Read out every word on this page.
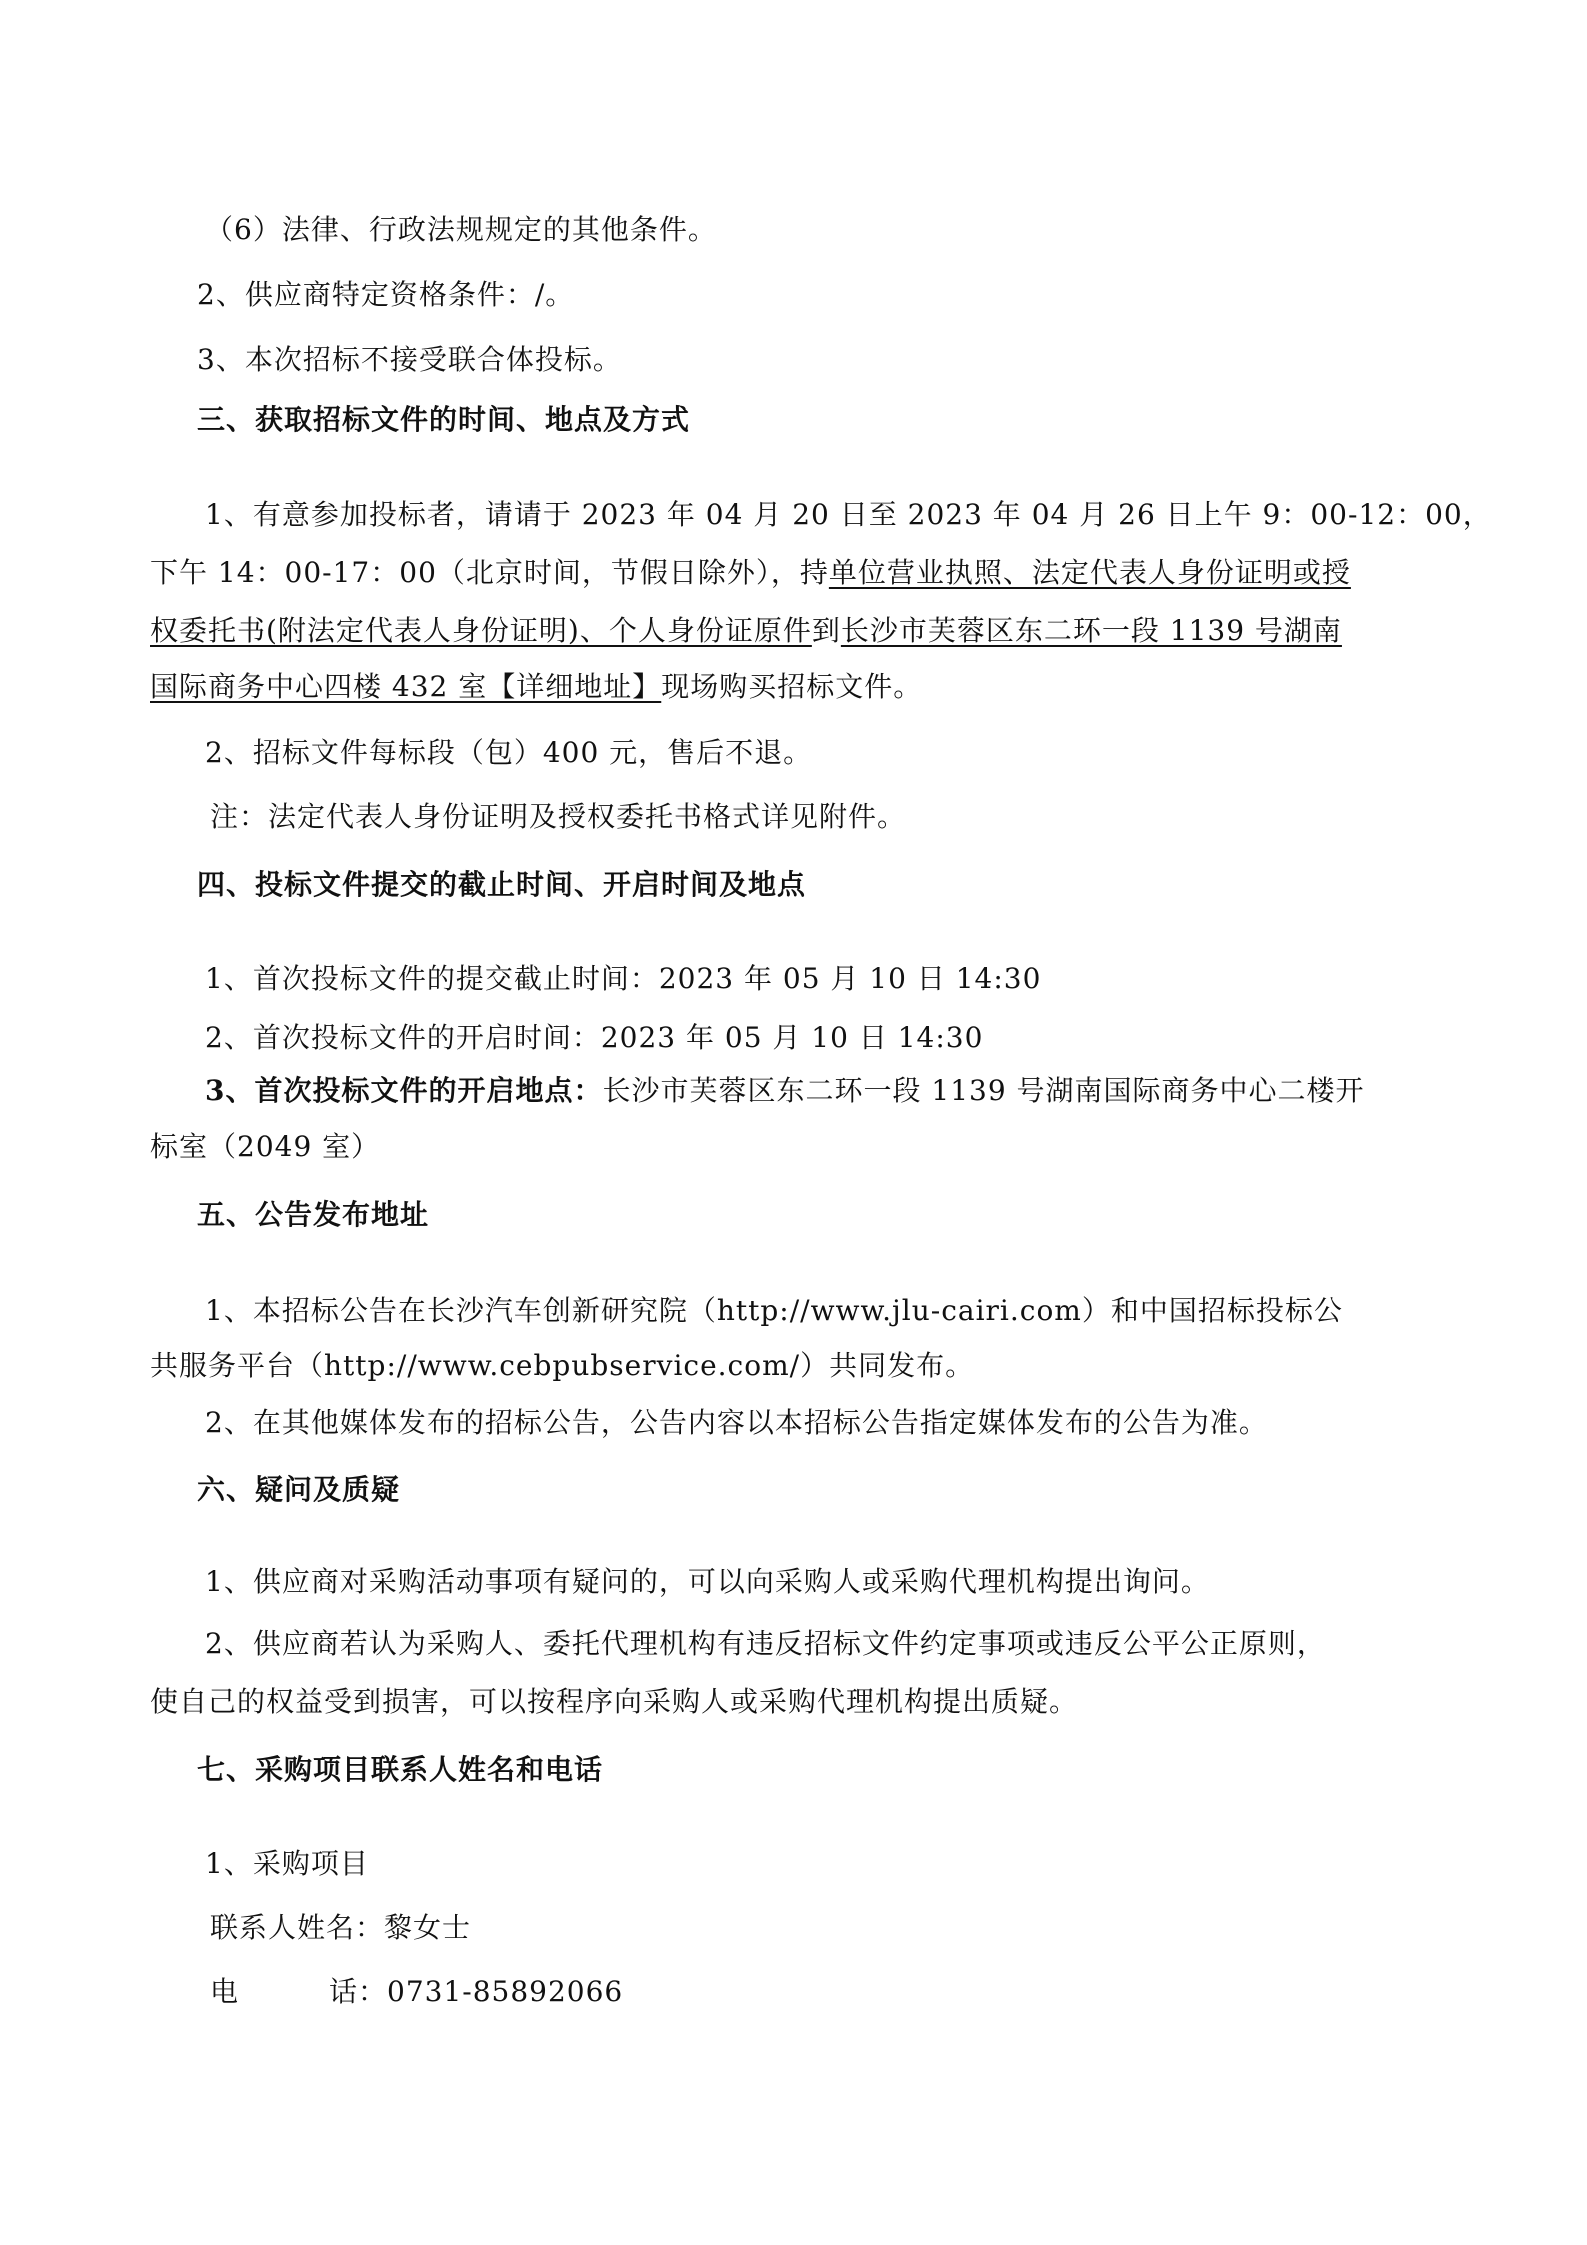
（6）法律、行政法规规定的其他条件。
2、供应商特定资格条件：/。
3、本次招标不接受联合体投标。
三、获取招标文件的时间、地点及方式
1、有意参加投标者，请请于 2023 年 04 月 20 日至 2023 年 04 月 26 日上午 9：00-12：00，
下午 14：00-17：00（北京时间，节假日除外），持单位营业执照、法定代表人身份证明或授
权委托书(附法定代表人身份证明)、个人身份证原件到长沙市芙蓉区东二环一段 1139 号湖南
国际商务中心四楼 432 室【详细地址】现场购买招标文件。
2、招标文件每标段（包）400 元，售后不退。
注：法定代表人身份证明及授权委托书格式详见附件。
四、投标文件提交的截止时间、开启时间及地点
1、首次投标文件的提交截止时间：2023 年 05 月 10 日 14:30
2、首次投标文件的开启时间：2023 年 05 月 10 日 14:30
3、首次投标文件的开启地点：长沙市芙蓉区东二环一段 1139 号湖南国际商务中心二楼开
标室（2049 室）
五、公告发布地址
1、本招标公告在长沙汽车创新研究院（http://www.jlu-cairi.com）和中国招标投标公
共服务平台（http://www.cebpubservice.com/）共同发布。
2、在其他媒体发布的招标公告，公告内容以本招标公告指定媒体发布的公告为准。
六、疑问及质疑
1、供应商对采购活动事项有疑问的，可以向采购人或采购代理机构提出询问。
2、供应商若认为采购人、委托代理机构有违反招标文件约定事项或违反公平公正原则，
使自己的权益受到损害，可以按程序向采购人或采购代理机构提出质疑。
七、采购项目联系人姓名和电话
1、采购项目
联系人姓名：黎女士
电	话：0731-85892066
